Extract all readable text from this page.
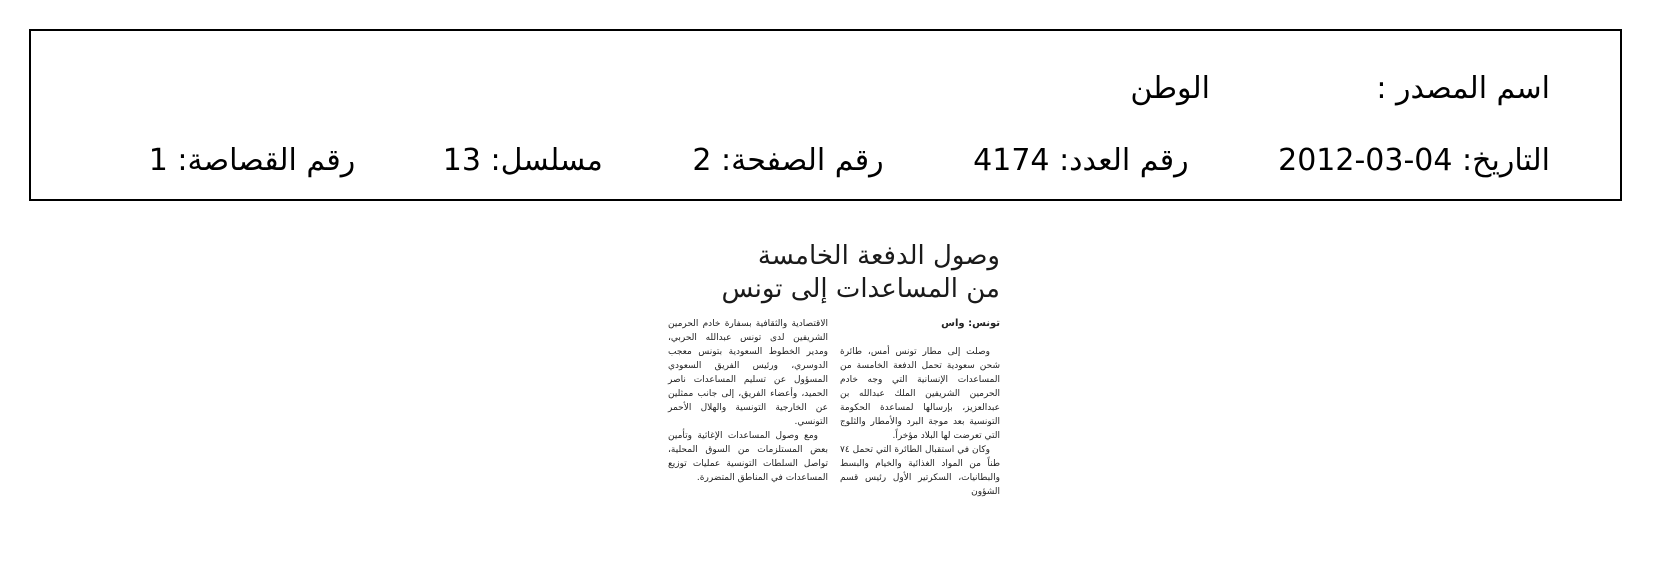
اسم المصدر :
الوطن
التاريخ: 2012-03-04 رقم العدد: 4174 رقم الصفحة: 2 مسلسل: 13 رقم القصاصة: 1
وصول الدفعة الخامسة
من المساعدات إلى تونس
تونس: واس
وصلت إلى مطار تونس أمس، طائرة شحن سعودية تحمل الدفعة الخامسة من المساعدات الإنسانية التي وجه خادم الحرمين الشريفين الملك عبدالله بن عبدالعزيز، بإرسالها لمساعدة الحكومة التونسية بعد موجة البرد والأمطار والثلوج التي تعرضت لها البلاد مؤخراً.
وكان في استقبال الطائرة التي تحمل ٧٤ طناً من المواد الغذائية والخيام والبسط والبطانيات، السكرتير الأول رئيس قسم الشؤون
الاقتصادية والثقافية بسفارة خادم الحرمين الشريفين لدى تونس عبدالله الحربي، ومدير الخطوط السعودية بتونس معجب الدوسري، ورئيس الفريق السعودي المسؤول عن تسليم المساعدات ناصر الحميد، وأعضاء الفريق، إلى جانب ممثلين عن الخارجية التونسية والهلال الأحمر التونسي.
ومع وصول المساعدات الإغاثية وتأمين بعض المستلزمات من السوق المحلية، تواصل السلطات التونسية عمليات توزيع المساعدات في المناطق المتضررة.
